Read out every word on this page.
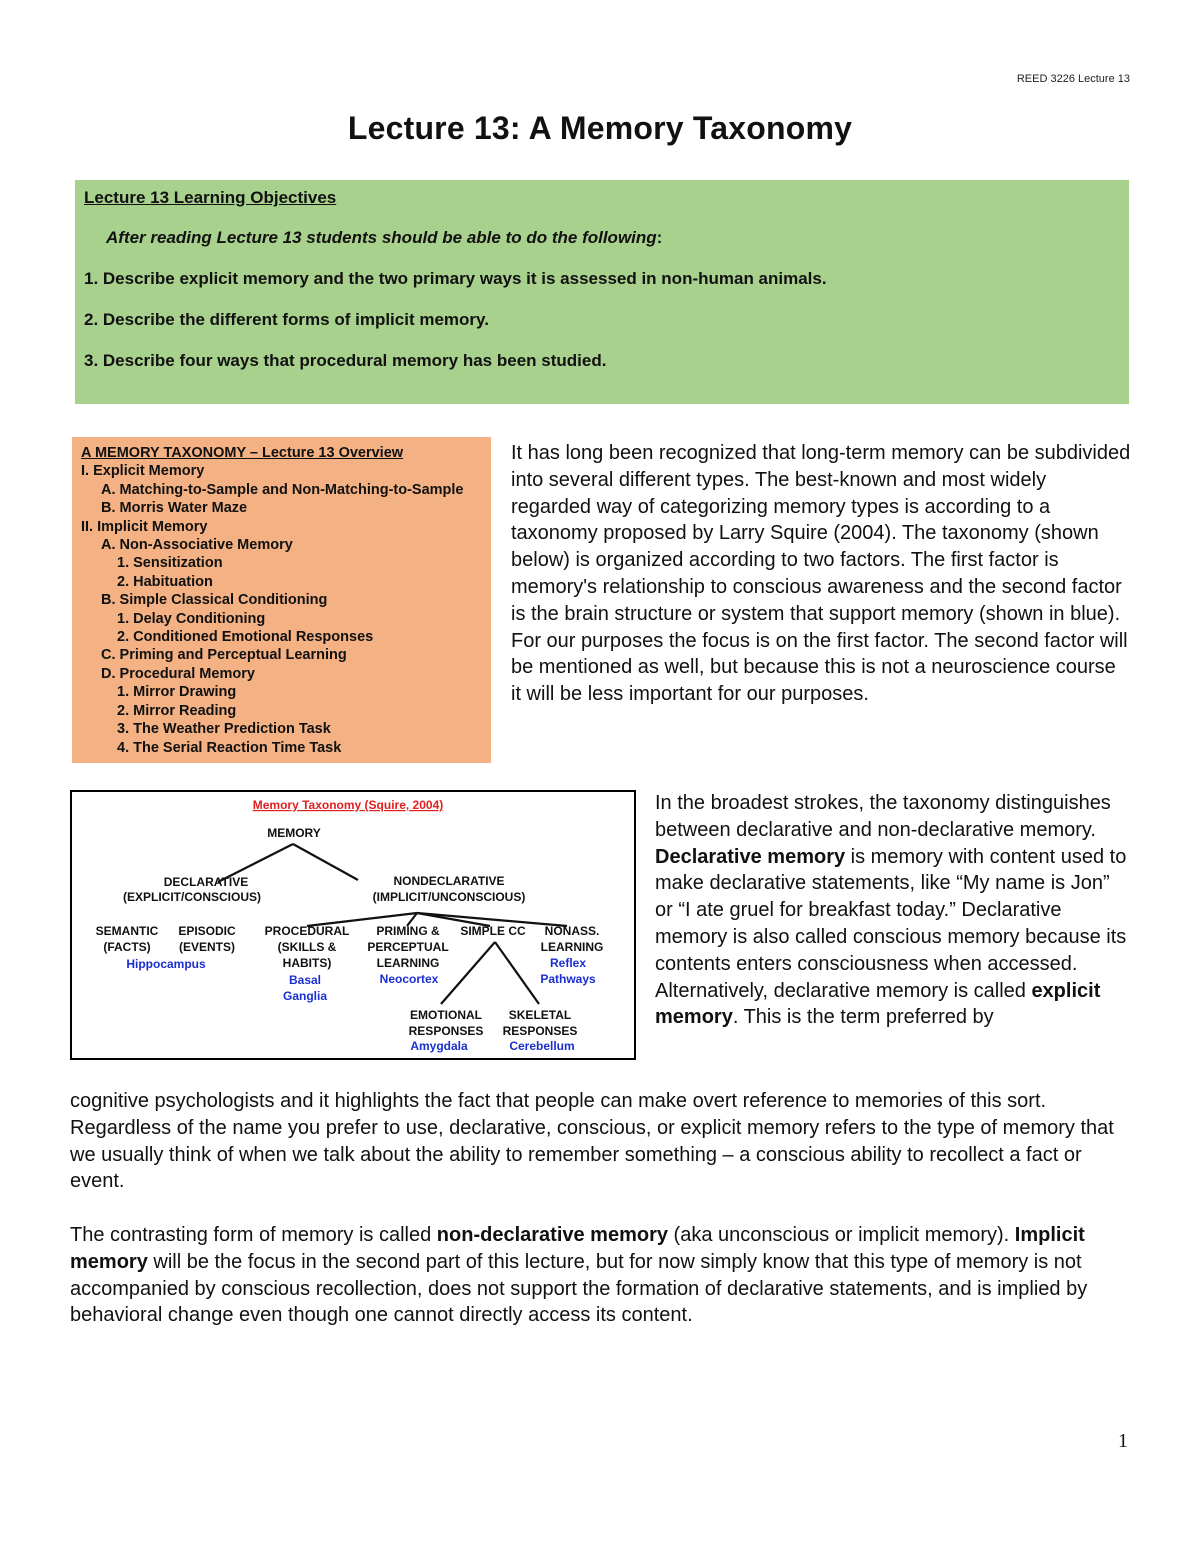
REED 3226 Lecture 13
Lecture 13: A Memory Taxonomy
Lecture 13 Learning Objectives
After reading Lecture 13 students should be able to do the following:
1. Describe explicit memory and the two primary ways it is assessed in non-human animals.
2. Describe the different forms of implicit memory.
3. Describe four ways that procedural memory has been studied.
A MEMORY TAXONOMY – Lecture 13 Overview
I. Explicit Memory
A. Matching-to-Sample and Non-Matching-to-Sample
B. Morris Water Maze
II. Implicit Memory
A. Non-Associative Memory
1. Sensitization
2. Habituation
B. Simple Classical Conditioning
1. Delay Conditioning
2. Conditioned Emotional Responses
C. Priming and Perceptual Learning
D. Procedural Memory
1. Mirror Drawing
2. Mirror Reading
3. The Weather Prediction Task
4. The Serial Reaction Time Task
It has long been recognized that long-term memory can be subdivided into several different types. The best-known and most widely regarded way of categorizing memory types is according to a taxonomy proposed by Larry Squire (2004). The taxonomy (shown below) is organized according to two factors. The first factor is memory's relationship to conscious awareness and the second factor is the brain structure or system that support memory (shown in blue). For our purposes the focus is on the first factor. The second factor will be mentioned as well, but because this is not a neuroscience course it will be less important for our purposes.
Memory Taxonomy (Squire, 2004)
MEMORY
DECLARATIVE
(EXPLICIT/CONSCIOUS)
NONDECLARATIVE
(IMPLICIT/UNCONSCIOUS)
SEMANTIC
(FACTS)
EPISODIC
(EVENTS)
PROCEDURAL
(SKILLS &
HABITS)
PRIMING &
PERCEPTUAL
LEARNING
SIMPLE CC NONASS.
LEARNING
EMOTIONAL
RESPONSES
SKELETAL
RESPONSES
Hippocampus
Basal
Ganglia
Neocortex
Reflex
Pathways
Amygdala	Cerebellum
In the broadest strokes, the taxonomy distinguishes between declarative and non-declarative memory. Declarative memory is memory with content used to make declarative statements, like “My name is Jon” or “I ate gruel for breakfast today.” Declarative memory is also called conscious memory because its contents enters consciousness when accessed. Alternatively, declarative memory is called explicit memory. This is the term preferred by
cognitive psychologists and it highlights the fact that people can make overt reference to memories of this sort. Regardless of the name you prefer to use, declarative, conscious, or explicit memory refers to the type of memory that we usually think of when we talk about the ability to remember something – a conscious ability to recollect a fact or event.
The contrasting form of memory is called non-declarative memory (aka unconscious or implicit memory). Implicit memory will be the focus in the second part of this lecture, but for now simply know that this type of memory is not accompanied by conscious recollection, does not support the formation of declarative statements, and is implied by behavioral change even though one cannot directly access its content.
1
